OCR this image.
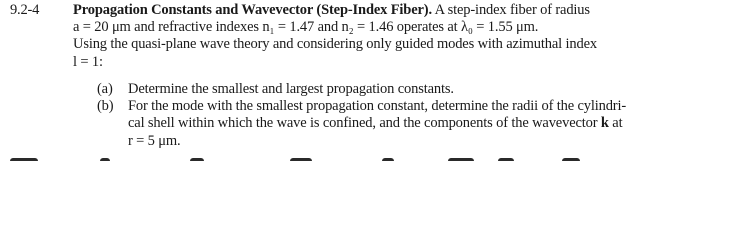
9.2-4 Propagation Constants and Wavevector (Step-Index Fiber). A step-index fiber of radius
a = 20 μm and refractive indexes n₁ = 1.47 and n₂ = 1.46 operates at λ₀ = 1.55 μm.
Using the quasi-plane wave theory and considering only guided modes with azimuthal index
l = 1:
(a) Determine the smallest and largest propagation constants.
(b) For the mode with the smallest propagation constant, determine the radii of the cylindri-
cal shell within which the wave is confined, and the components of the wavevector k at
r = 5 μm.
